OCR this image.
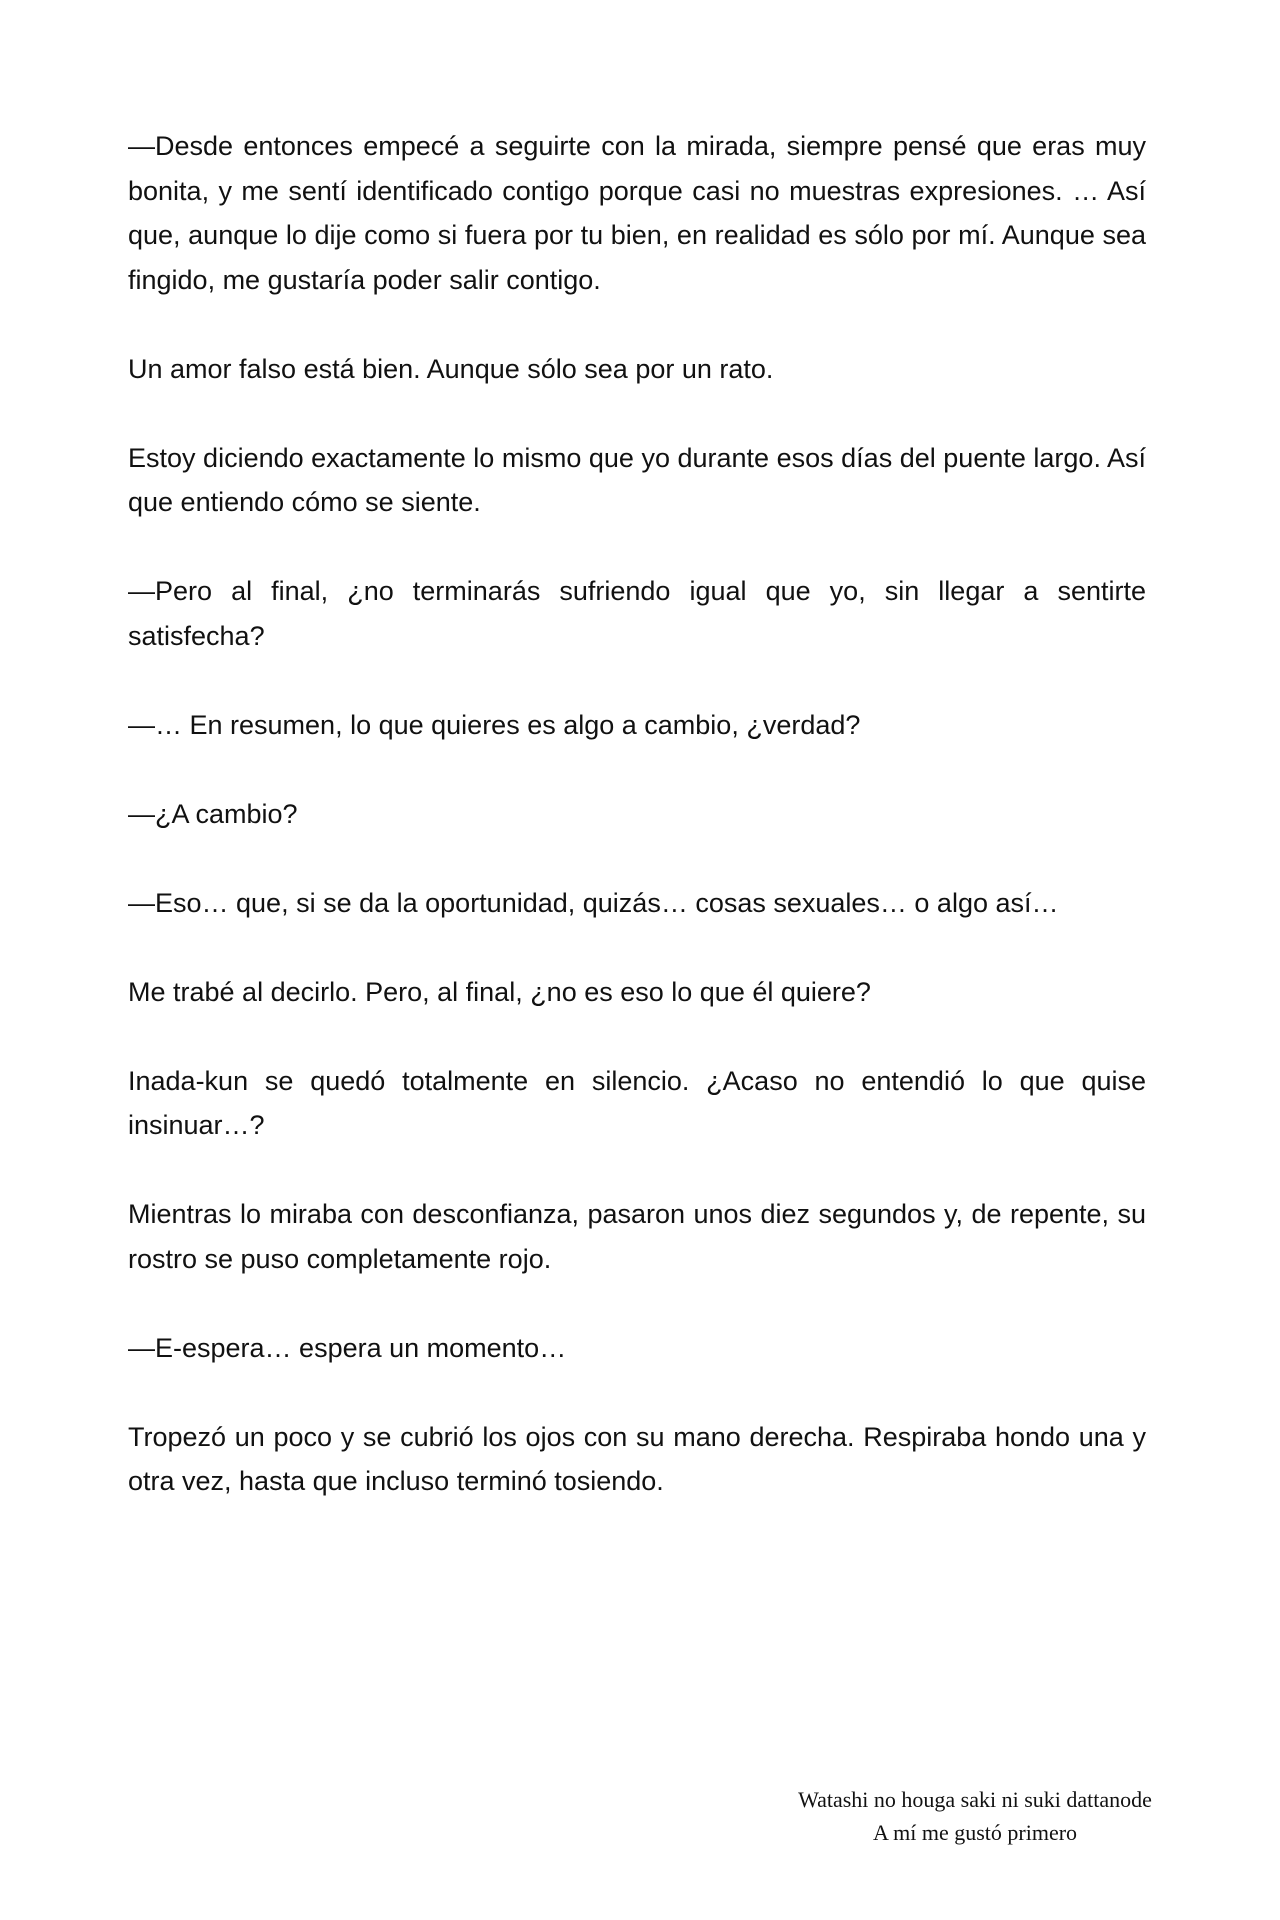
—Desde entonces empecé a seguirte con la mirada, siempre pensé que eras muy bonita, y me sentí identificado contigo porque casi no muestras expresiones. … Así que, aunque lo dije como si fuera por tu bien, en realidad es sólo por mí. Aunque sea fingido, me gustaría poder salir contigo.

Un amor falso está bien. Aunque sólo sea por un rato.

Estoy diciendo exactamente lo mismo que yo durante esos días del puente largo. Así que entiendo cómo se siente.

—Pero al final, ¿no terminarás sufriendo igual que yo, sin llegar a sentirte satisfecha?

—… En resumen, lo que quieres es algo a cambio, ¿verdad?

—¿A cambio?

—Eso… que, si se da la oportunidad, quizás… cosas sexuales… o algo así…

Me trabé al decirlo. Pero, al final, ¿no es eso lo que él quiere?

Inada-kun se quedó totalmente en silencio. ¿Acaso no entendió lo que quise insinuar…?

Mientras lo miraba con desconfianza, pasaron unos diez segundos y, de repente, su rostro se puso completamente rojo.

—E-espera… espera un momento…

Tropezó un poco y se cubrió los ojos con su mano derecha. Respiraba hondo una y otra vez, hasta que incluso terminó tosiendo.

Watashi no houga saki ni suki dattanode
A mí me gustó primero
